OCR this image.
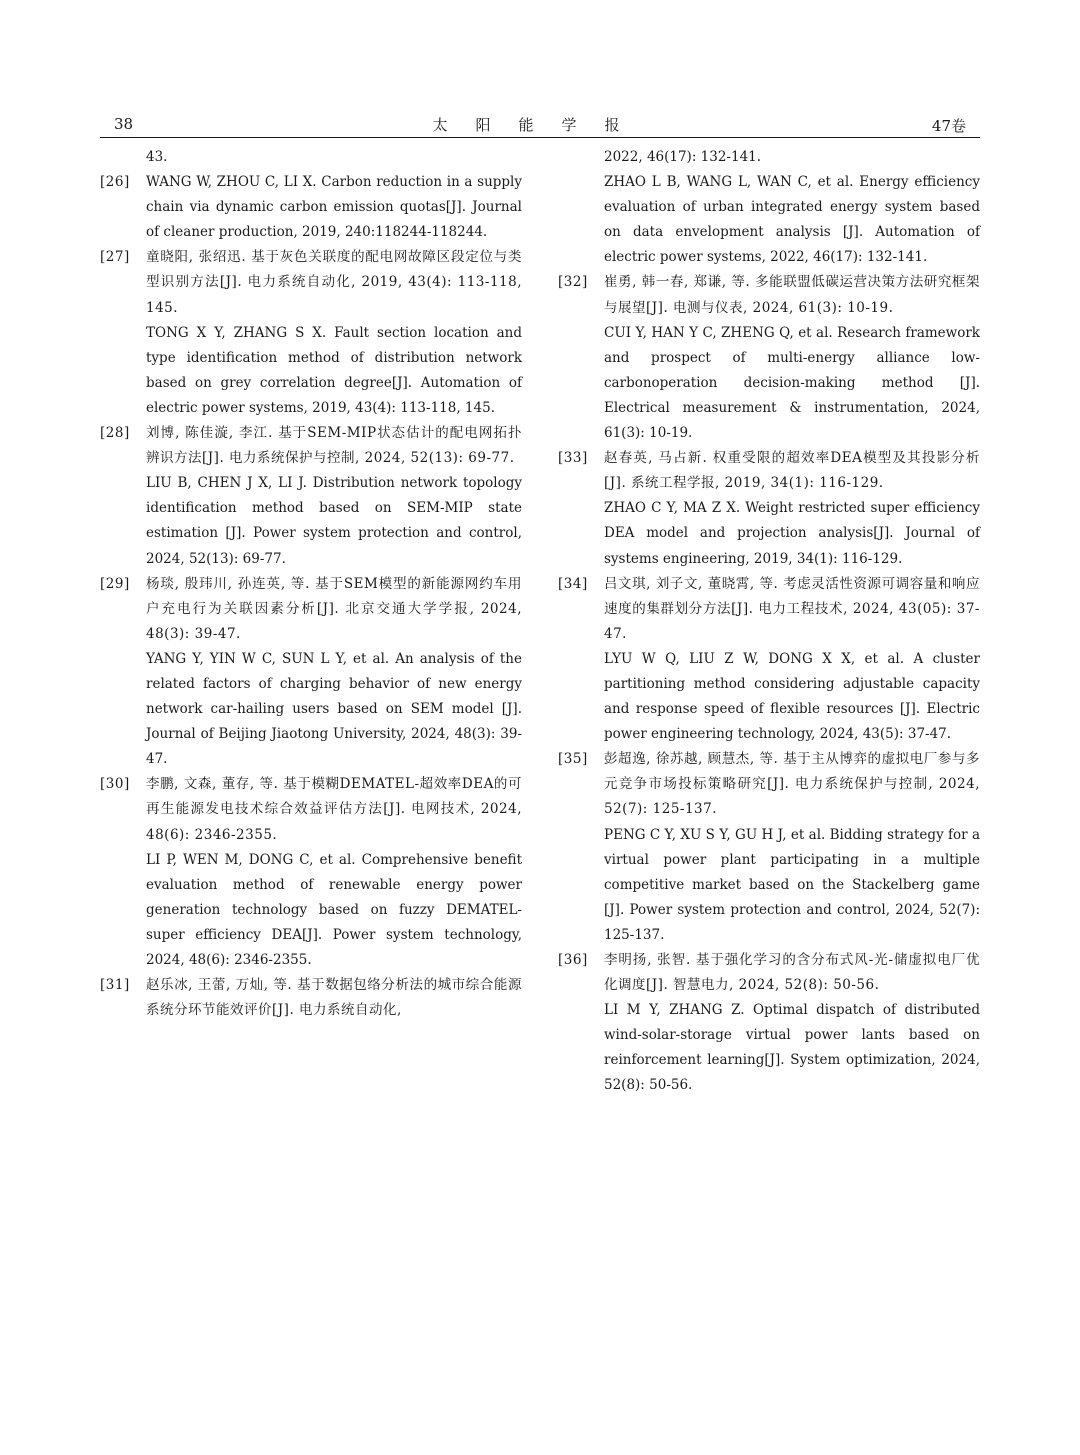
38	太阳能学报	47卷
43.
[26] WANG W, ZHOU C, LI X. Carbon reduction in a supply chain via dynamic carbon emission quotas[J]. Journal of cleaner production, 2019, 240:118244-118244.
[27] 童晓阳, 张绍迅. 基于灰色关联度的配电网故障区段定位与类型识别方法[J]. 电力系统自动化, 2019, 43(4): 113-118, 145.
TONG X Y, ZHANG S X. Fault section location and type identification method of distribution network based on grey correlation degree[J]. Automation of electric power systems, 2019, 43(4): 113-118, 145.
[28] 刘博, 陈佳漩, 李江. 基于SEM-MIP状态估计的配电网拓扑辨识方法[J]. 电力系统保护与控制, 2024, 52(13): 69-77.
LIU B, CHEN J X, LI J. Distribution network topology identification method based on SEM-MIP state estimation [J]. Power system protection and control, 2024, 52(13): 69-77.
[29] 杨琰, 殷玮川, 孙连英, 等. 基于SEM模型的新能源网约车用户充电行为关联因素分析[J]. 北京交通大学学报, 2024, 48(3): 39-47.
YANG Y, YIN W C, SUN L Y, et al. An analysis of the related factors of charging behavior of new energy network car-hailing users based on SEM model [J]. Journal of Beijing Jiaotong University, 2024, 48(3): 39-47.
[30] 李鹏, 文森, 董存, 等. 基于模糊DEMATEL-超效率DEA的可再生能源发电技术综合效益评估方法[J]. 电网技术, 2024, 48(6): 2346-2355.
LI P, WEN M, DONG C, et al. Comprehensive benefit evaluation method of renewable energy power generation technology based on fuzzy DEMATEL-super efficiency DEA[J]. Power system technology, 2024, 48(6): 2346-2355.
[31] 赵乐冰, 王蕾, 万灿, 等. 基于数据包络分析法的城市综合能源系统分环节能效评价[J]. 电力系统自动化,
2022, 46(17): 132-141.
ZHAO L B, WANG L, WAN C, et al. Energy efficiency evaluation of urban integrated energy system based on data envelopment analysis [J]. Automation of electric power systems, 2022, 46(17): 132-141.
[32] 崔勇, 韩一春, 郑谦, 等. 多能联盟低碳运营决策方法研究框架与展望[J]. 电测与仪表, 2024, 61(3): 10-19.
CUI Y, HAN Y C, ZHENG Q, et al. Research framework and prospect of multi-energy alliance low-carbonoperation decision-making method [J]. Electrical measurement & instrumentation, 2024, 61(3): 10-19.
[33] 赵春英, 马占新. 权重受限的超效率DEA模型及其投影分析[J]. 系统工程学报, 2019, 34(1): 116-129.
ZHAO C Y, MA Z X. Weight restricted super efficiency DEA model and projection analysis[J]. Journal of systems engineering, 2019, 34(1): 116-129.
[34] 吕文琪, 刘子文, 董晓霄, 等. 考虑灵活性资源可调容量和响应速度的集群划分方法[J]. 电力工程技术, 2024, 43(05): 37-47.
LYU W Q, LIU Z W, DONG X X, et al. A cluster partitioning method considering adjustable capacity and response speed of flexible resources [J]. Electric power engineering technology, 2024, 43(5): 37-47.
[35] 彭超逸, 徐苏越, 顾慧杰, 等. 基于主从博弈的虚拟电厂参与多元竞争市场投标策略研究[J]. 电力系统保护与控制, 2024, 52(7): 125-137.
PENG C Y, XU S Y, GU H J, et al. Bidding strategy for a virtual power plant participating in a multiple competitive market based on the Stackelberg game [J]. Power system protection and control, 2024, 52(7): 125-137.
[36] 李明扬, 张智. 基于强化学习的含分布式风-光-储虚拟电厂优化调度[J]. 智慧电力, 2024, 52(8): 50-56.
LI M Y, ZHANG Z. Optimal dispatch of distributed wind-solar-storage virtual power lants based on reinforcement learning[J]. System optimization, 2024, 52(8): 50-56.
